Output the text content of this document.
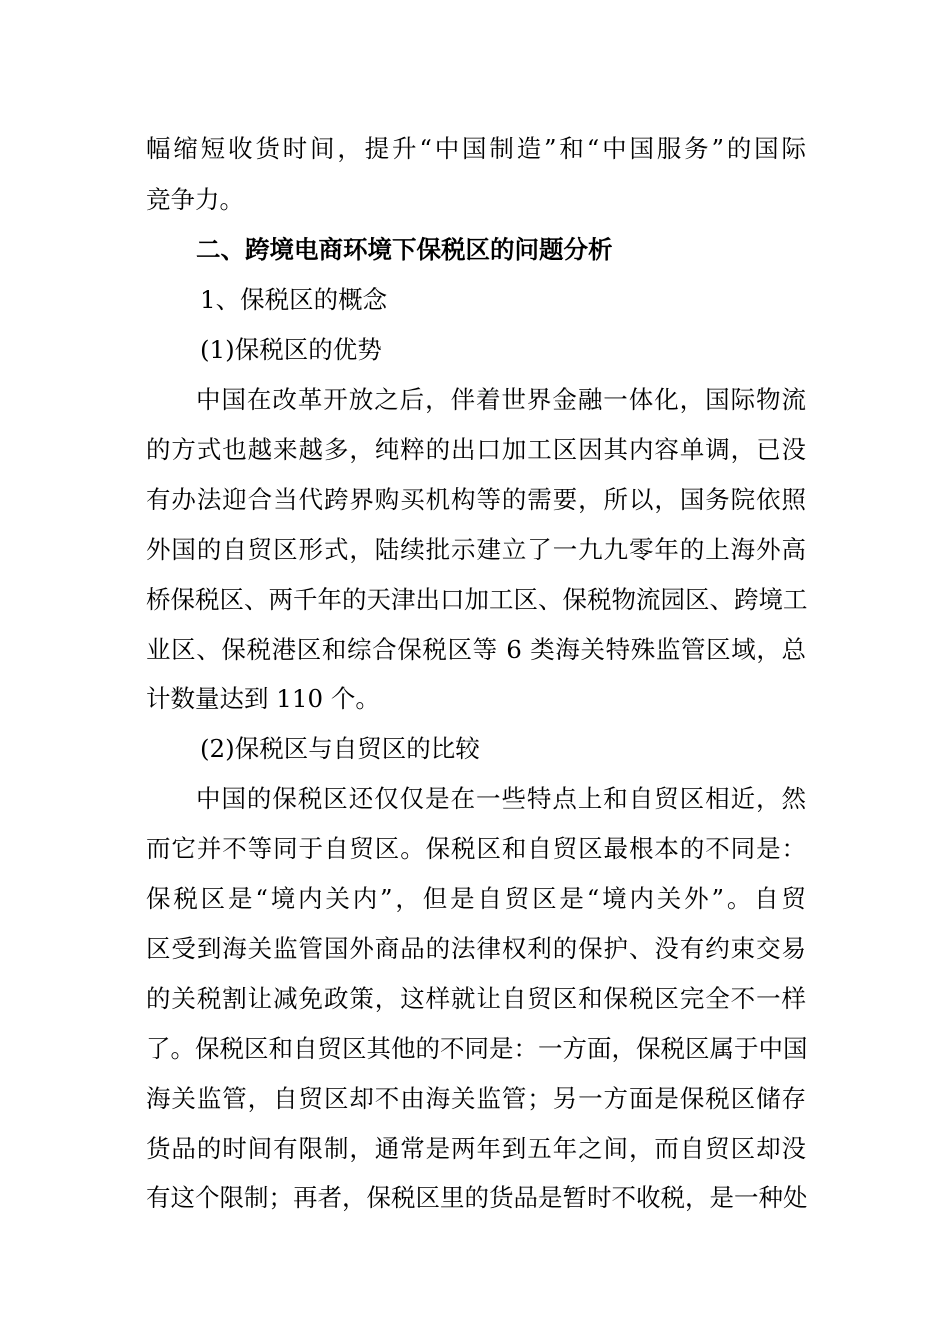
幅缩短收货时间，提升“中国制造”和“中国服务”的国际
竞争力。
二、跨境电商环境下保税区的问题分析
1、保税区的概念
(1)保税区的优势
中国在改革开放之后，伴着世界金融一体化，国际物流
的方式也越来越多，纯粹的出口加工区因其内容单调，已没
有办法迎合当代跨界购买机构等的需要，所以，国务院依照
外国的自贸区形式，陆续批示建立了一九九零年的上海外高
桥保税区、两千年的天津出口加工区、保税物流园区、跨境工
业区、保税港区和综合保税区等 6 类海关特殊监管区域，总
计数量达到 110 个。
(2)保税区与自贸区的比较
中国的保税区还仅仅是在一些特点上和自贸区相近，然
而它并不等同于自贸区。保税区和自贸区最根本的不同是：
保税区是“境内关内”，但是自贸区是“境内关外”。自贸
区受到海关监管国外商品的法律权利的保护、没有约束交易
的关税割让减免政策，这样就让自贸区和保税区完全不一样
了。保税区和自贸区其他的不同是：一方面，保税区属于中国
海关监管，自贸区却不由海关监管；另一方面是保税区储存
货品的时间有限制，通常是两年到五年之间，而自贸区却没
有这个限制；再者，保税区里的货品是暂时不收税，是一种处
